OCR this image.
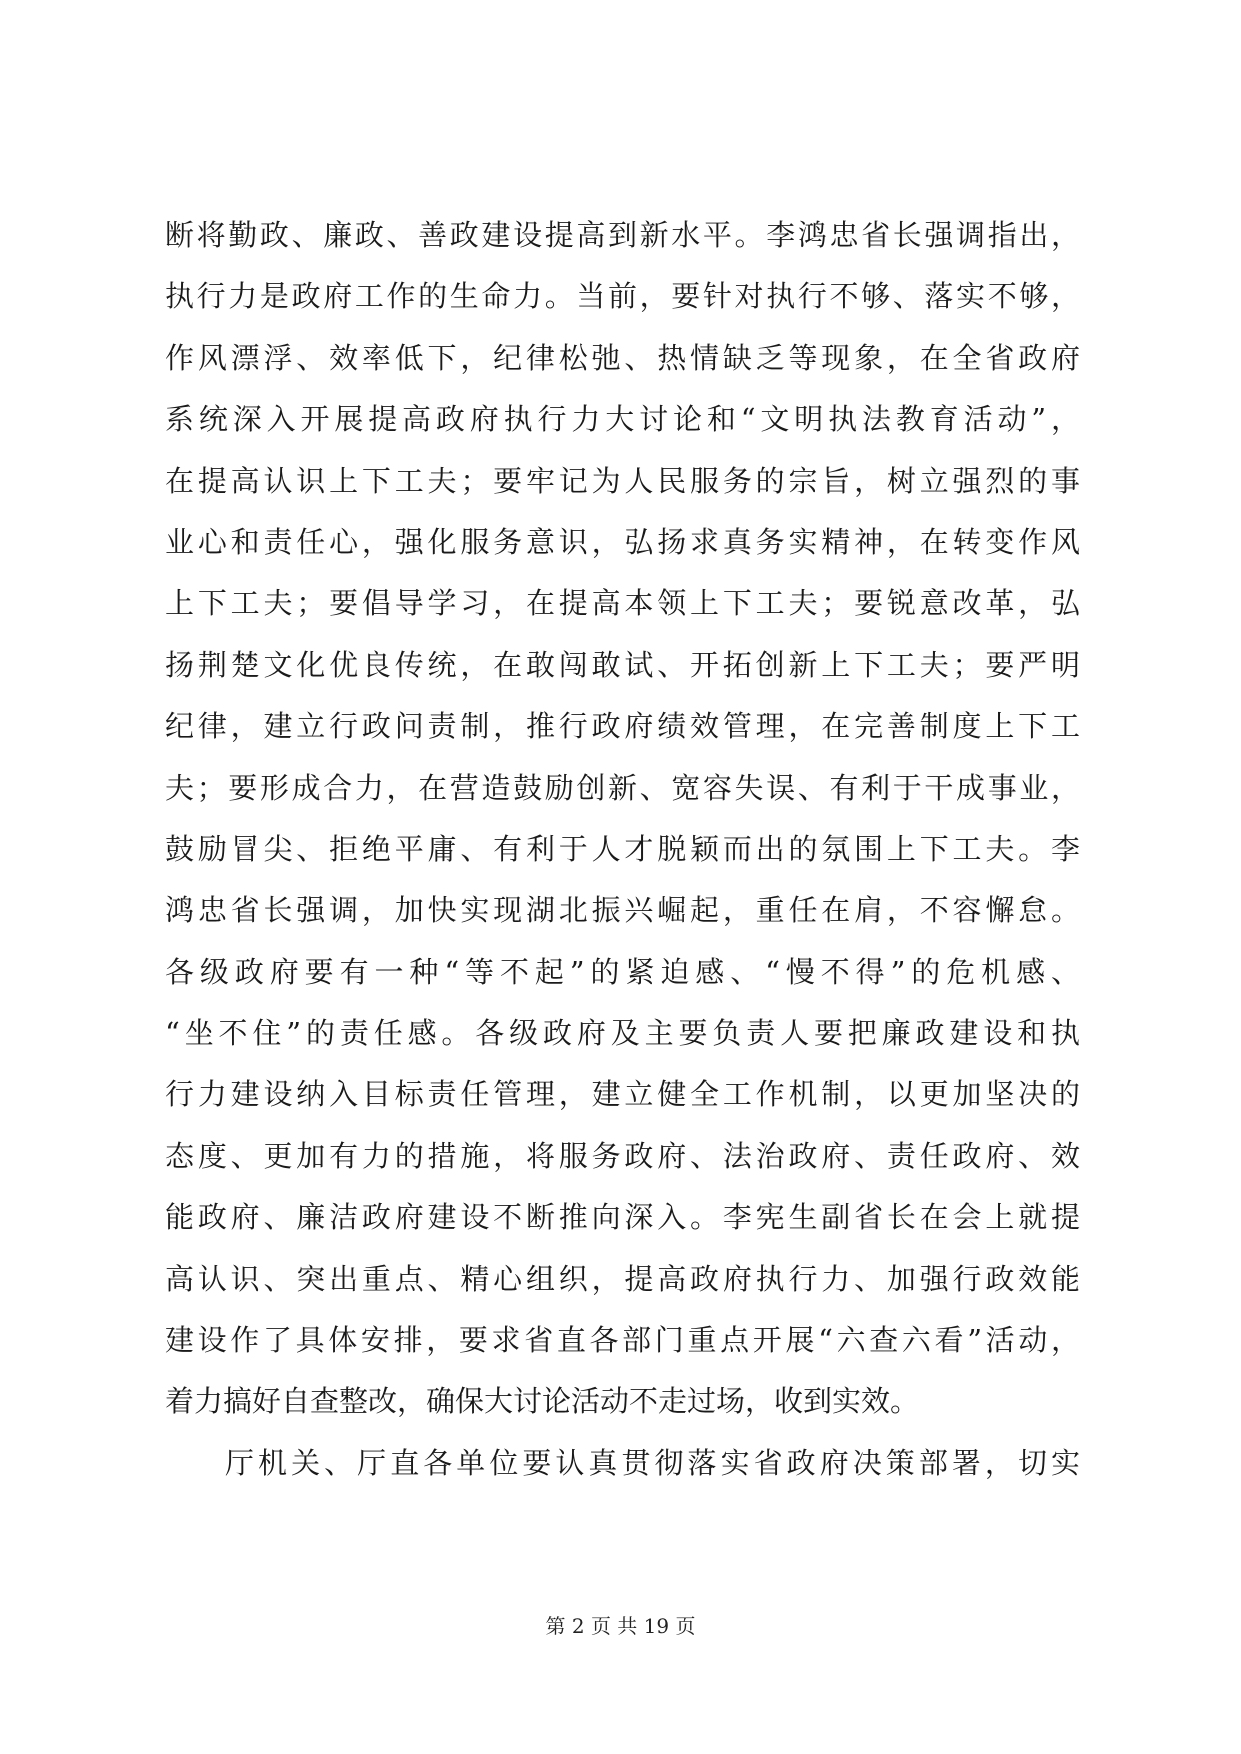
断将勤政、廉政、善政建设提高到新水平。李鸿忠省长强调指出，
执行力是政府工作的生命力。当前，要针对执行不够、落实不够，
作风漂浮、效率低下，纪律松弛、热情缺乏等现象，在全省政府
系统深入开展提高政府执行力大讨论和“文明执法教育活动”，
在提高认识上下工夫；要牢记为人民服务的宗旨，树立强烈的事
业心和责任心，强化服务意识，弘扬求真务实精神，在转变作风
上下工夫；要倡导学习，在提高本领上下工夫；要锐意改革，弘
扬荆楚文化优良传统，在敢闯敢试、开拓创新上下工夫；要严明
纪律，建立行政问责制，推行政府绩效管理，在完善制度上下工
夫；要形成合力，在营造鼓励创新、宽容失误、有利于干成事业，
鼓励冒尖、拒绝平庸、有利于人才脱颖而出的氛围上下工夫。李
鸿忠省长强调，加快实现湖北振兴崛起，重任在肩，不容懈怠。
各级政府要有一种“等不起”的紧迫感、“慢不得”的危机感、
“坐不住”的责任感。各级政府及主要负责人要把廉政建设和执
行力建设纳入目标责任管理，建立健全工作机制，以更加坚决的
态度、更加有力的措施，将服务政府、法治政府、责任政府、效
能政府、廉洁政府建设不断推向深入。李宪生副省长在会上就提
高认识、突出重点、精心组织，提高政府执行力、加强行政效能
建设作了具体安排，要求省直各部门重点开展“六查六看”活动，
着力搞好自查整改，确保大讨论活动不走过场，收到实效。
厅机关、厅直各单位要认真贯彻落实省政府决策部署，切实
第 2 页 共 19 页
